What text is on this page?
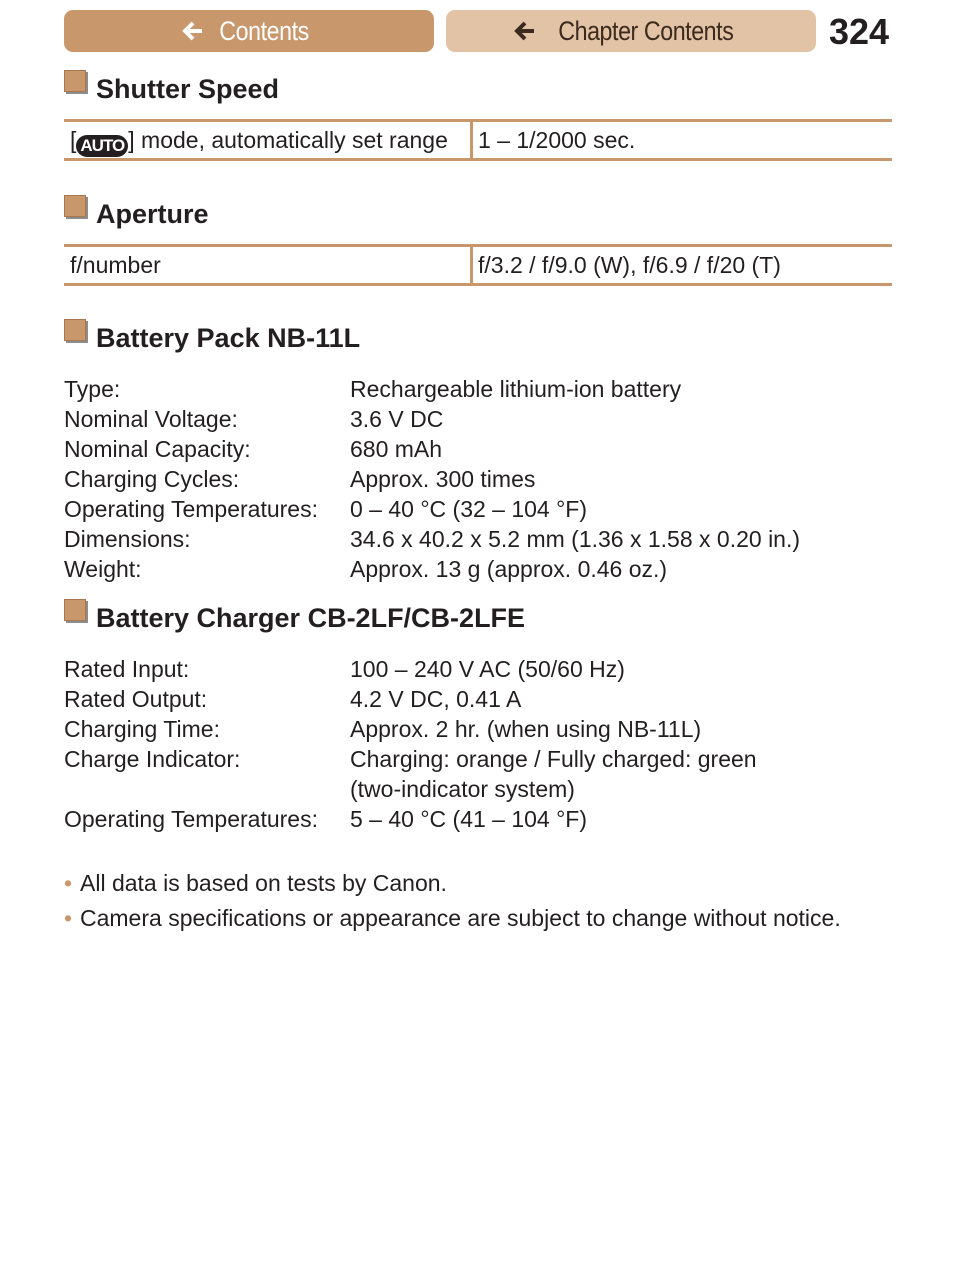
Contents	Chapter Contents	324
Shutter Speed
[ AUTO ] mode, automatically set range	1 – 1/2000 sec.
Aperture
f/number	f/3.2 / f/9.0 (W), f/6.9 / f/20 (T)
Battery Pack NB-11L
Type:	Rechargeable lithium-ion battery
Nominal Voltage:	3.6 V DC
Nominal Capacity:	680 mAh
Charging Cycles:	Approx. 300 times
Operating Temperatures:	0 – 40 °C (32 – 104 °F)
Dimensions:	34.6 x 40.2 x 5.2 mm (1.36 x 1.58 x 0.20 in.)
Weight:	Approx. 13 g (approx. 0.46 oz.)
Battery Charger CB-2LF/CB-2LFE
Rated Input:	100 – 240 V AC (50/60 Hz)
Rated Output:	4.2 V DC, 0.41 A
Charging Time:	Approx. 2 hr. (when using NB-11L)
Charge Indicator:	Charging: orange / Fully charged: green
(two-indicator system)
Operating Temperatures:	5 – 40 °C (41 – 104 °F)
• All data is based on tests by Canon.
• Camera specifications or appearance are subject to change without notice.
